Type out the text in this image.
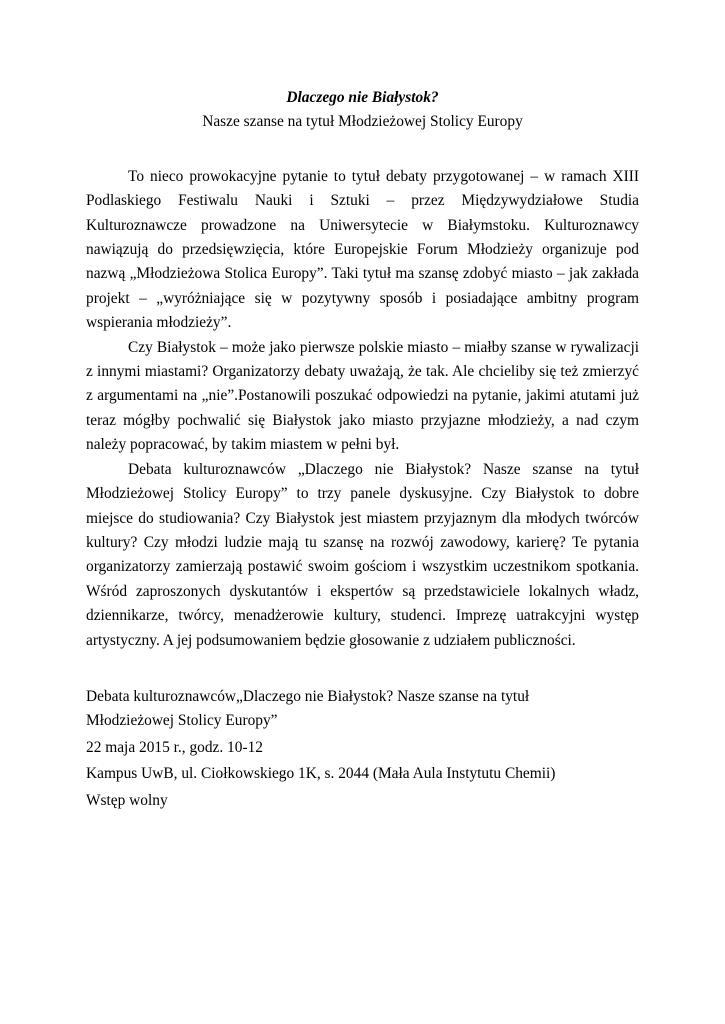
Dlaczego nie Białystok?

Nasze szanse na tytuł Młodzieżowej Stolicy Europy

To nieco prowokacyjne pytanie to tytuł debaty przygotowanej – w ramach XIII Podlaskiego Festiwalu Nauki i Sztuki – przez Międzywydziałowe Studia Kulturoznawcze prowadzone na Uniwersytecie w Białymstoku. Kulturoznawcy nawiązują do przedsięwzięcia, które Europejskie Forum Młodzieży organizuje pod nazwą „Młodzieżowa Stolica Europy”. Taki tytuł ma szansę zdobyć miasto – jak zakłada projekt – „wyróżniające się w pozytywny sposób i posiadające ambitny program wspierania młodzieży”.

Czy Białystok – może jako pierwsze polskie miasto – miałby szanse w rywalizacji z innymi miastami? Organizatorzy debaty uważają, że tak. Ale chcieliby się też zmierzyć z argumentami na „nie”.Postanowili poszukać odpowiedzi na pytanie, jakimi atutami już teraz mógłby pochwalić się Białystok jako miasto przyjazne młodzieży, a nad czym należy popracować, by takim miastem w pełni był.

Debata kulturoznawców „Dlaczego nie Białystok? Nasze szanse na tytuł Młodzieżowej Stolicy Europy” to trzy panele dyskusyjne. Czy Białystok to dobre miejsce do studiowania? Czy Białystok jest miastem przyjaznym dla młodych twórców kultury? Czy młodzi ludzie mają tu szansę na rozwój zawodowy, karierę? Te pytania organizatorzy zamierzają postawić swoim gościom i wszystkim uczestnikom spotkania. Wśród zaproszonych dyskutantów i ekspertów są przedstawiciele lokalnych władz, dziennikarze, twórcy, menadżerowie kultury, studenci. Imprezę uatrakcyjni występ artystyczny. A jej podsumowaniem będzie głosowanie z udziałem publiczności.

Debata kulturoznawców„Dlaczego nie Białystok? Nasze szanse na tytuł Młodzieżowej Stolicy Europy”

22 maja 2015 r., godz. 10-12

Kampus UwB, ul. Ciołkowskiego 1K, s. 2044 (Mała Aula Instytutu Chemii)

Wstęp wolny
